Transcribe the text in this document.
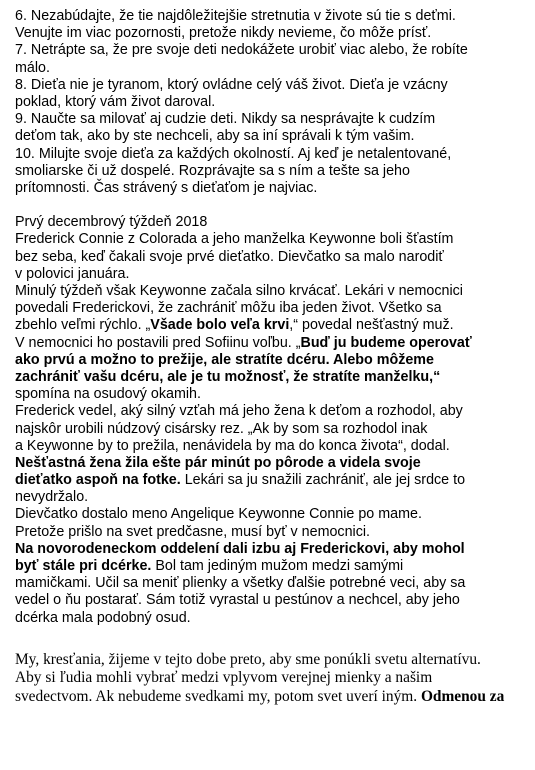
6. Nezabúdajte, že tie najdôležitejšie stretnutia v živote sú tie s deťmi.
Venujte im viac pozornosti, pretože nikdy nevieme, čo môže prísť.
7. Netrápte sa, že pre svoje deti nedokážete urobiť viac alebo, že robíte
málo.
8. Dieťa nie je tyranom, ktorý ovládne celý váš život. Dieťa je vzácny
poklad, ktorý vám život daroval.
9. Naučte sa milovať aj cudzie deti. Nikdy sa nesprávajte k cudzím
deťom tak, ako by ste nechceli, aby sa iní správali k tým vašim.
10. Milujte svoje dieťa za každých okolností. Aj keď je netalentované,
smoliarske či už dospelé. Rozprávajte sa s ním a tešte sa jeho
prítomnosti. Čas strávený s dieťaťom je najviac.
Prvý decembrový týždeň 2018
Frederick Connie z Colorada a jeho manželka Keywonne boli šťastím
bez seba, keď čakali svoje prvé dieťatko. Dievčatko sa malo narodiť
v polovici januára.
Minulý týždeň však Keywonne začala silno krvácať. Lekári v nemocnici
povedali Frederickovi, že zachrániť môžu iba jeden život. Všetko sa
zbehlo veľmi rýchlo. „Všade bolo veľa krvi,“ povedal nešťastný muž.
V nemocnici ho postavili pred Sofiinu voľbu. „Buď ju budeme operovať
ako prvú a možno to prežije, ale stratíte dcéru. Alebo môžeme
zachrániť vašu dcéru, ale je tu možnosť, že stratíte manželku,“
spomína na osudový okamih.
Frederick vedel, aký silný vzťah má jeho žena k deťom a rozhodol, aby
najskôr urobili núdzový cisársky rez. „Ak by som sa rozhodol inak
a Keywonne by to prežila, nenávidela by ma do konca života“, dodal.
Nešťastná žena žila ešte pár minút po pôrode a videla svoje
dieťatko aspoň na fotke. Lekári sa ju snažili zachrániť, ale jej srdce to
nevydržalo.
Dievčatko dostalo meno Angelique Keywonne Connie po mame.
Pretože prišlo na svet predčasne, musí byť v nemocnici.
Na novorodeneckom oddelení dali izbu aj Frederickovi, aby mohol
byť stále pri dcérke. Bol tam jediným mužom medzi samými
mamičkami. Učil sa meniť plienky a všetky ďalšie potrebné veci, aby sa
vedel o ňu postarať. Sám totiž vyrastal u pestúnov a nechcel, aby jeho
dcérka mala podobný osud.
My, kresťania, žijeme v tejto dobe preto, aby sme ponúkli svetu alternatívu.
Aby si ľudia mohli vybrať medzi vplyvom verejnej mienky a našim
svedectvom. Ak nebudeme svedkami my, potom svet uverí iným. Odmenou za
